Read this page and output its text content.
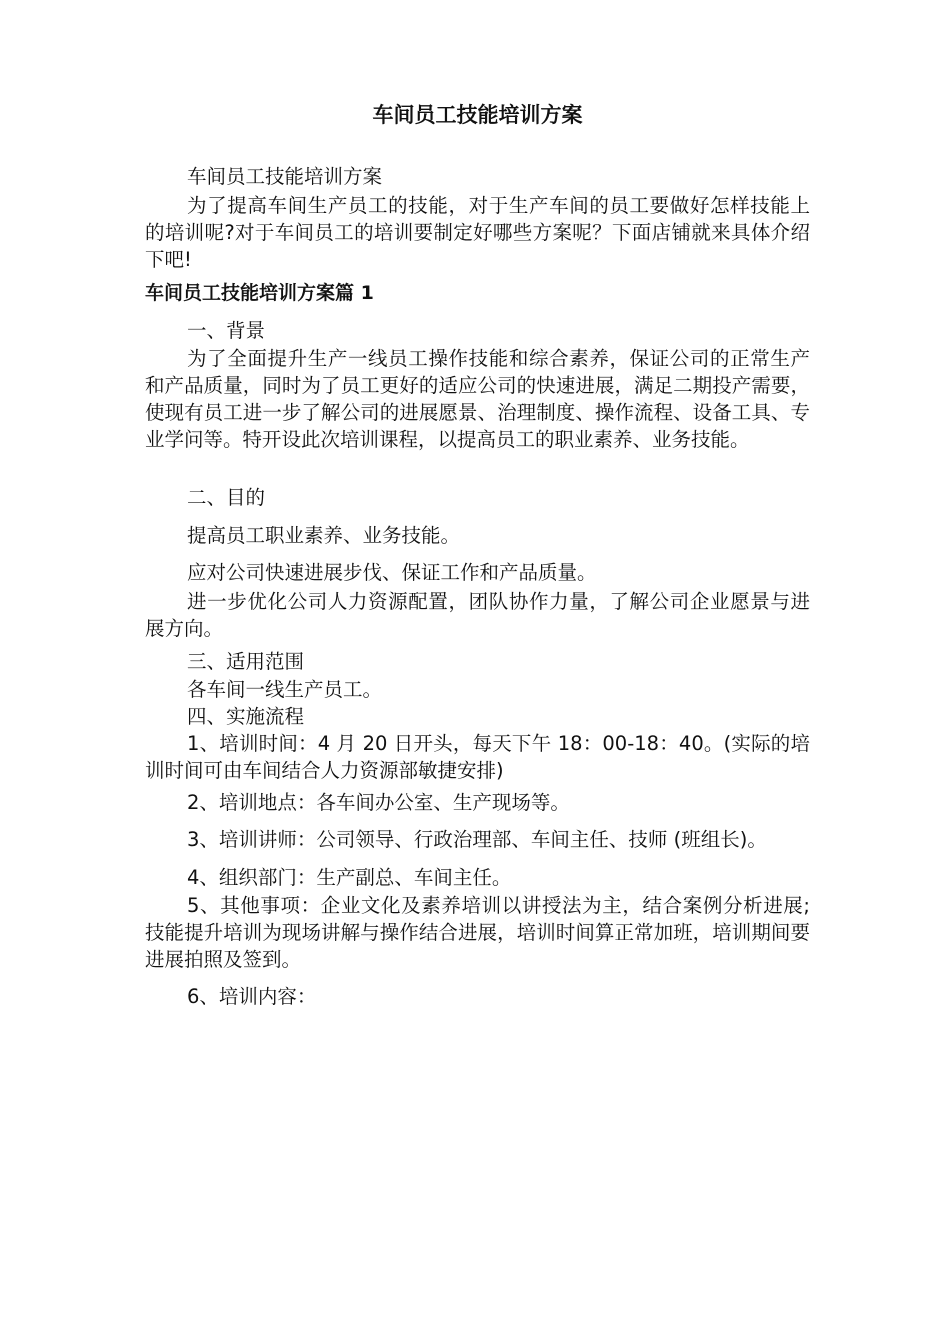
车间员工技能培训方案

车间员工技能培训方案

为了提高车间生产员工的技能，对于生产车间的员工要做好怎样技能上的培训呢?对于车间员工的培训要制定好哪些方案呢？下面店铺就来具体介绍下吧!

车间员工技能培训方案篇 1

一、背景

为了全面提升生产一线员工操作技能和综合素养，保证公司的正常生产和产品质量，同时为了员工更好的适应公司的快速进展，满足二期投产需要，使现有员工进一步了解公司的进展愿景、治理制度、操作流程、设备工具、专业学问等。特开设此次培训课程，以提高员工的职业素养、业务技能。

二、目的

提高员工职业素养、业务技能。

应对公司快速进展步伐、保证工作和产品质量。

进一步优化公司人力资源配置，团队协作力量，了解公司企业愿景与进展方向。

三、适用范围

各车间一线生产员工。

四、实施流程

1、培训时间：4 月 20 日开头，每天下午 18：00-18：40。(实际的培训时间可由车间结合人力资源部敏捷安排)

2、培训地点：各车间办公室、生产现场等。

3、培训讲师：公司领导、行政治理部、车间主任、技师 (班组长)。

4、组织部门：生产副总、车间主任。

5、其他事项：企业文化及素养培训以讲授法为主，结合案例分析进展;技能提升培训为现场讲解与操作结合进展，培训时间算正常加班，培训期间要进展拍照及签到。

6、培训内容：
